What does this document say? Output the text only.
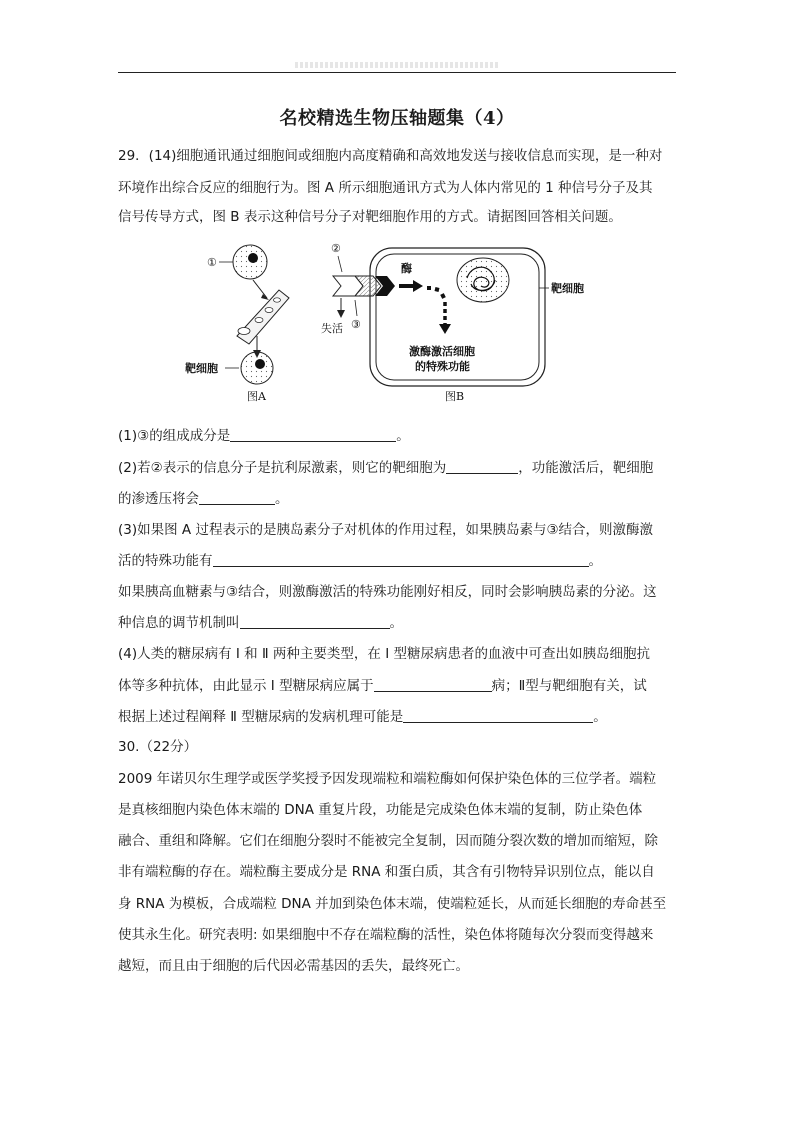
名校精选生物压轴题集（4）
29．(14)细胞通讯通过细胞间或细胞内高度精确和高效地发送与接收信息而实现，是一种对
环境作出综合反应的细胞行为。图 A 所示细胞通讯方式为人体内常见的 1 种信号分子及其
信号传导方式，图 B 表示这种信号分子对靶细胞作用的方式。请据图回答相关问题。
①
靶细胞
图A
②
酶
失活 ③
靶细胞
激酶激活细胞
的特殊功能
图B
(1)③的组成成分是	。
(2)若②表示的信息分子是抗利尿激素，则它的靶细胞为	，功能激活后，靶细胞
的渗透压将会	。
(3)如果图 A 过程表示的是胰岛素分子对机体的作用过程，如果胰岛素与③结合，则激酶激
活的特殊功能有	。
如果胰高血糖素与③结合，则激酶激活的特殊功能刚好相反，同时会影响胰岛素的分泌。这
种信息的调节机制叫	。
(4)人类的糖尿病有 Ⅰ 和 Ⅱ 两种主要类型，在 Ⅰ 型糖尿病患者的血液中可查出如胰岛细胞抗
体等多种抗体，由此显示 Ⅰ 型糖尿病应属于	病；Ⅱ型与靶细胞有关，试
根据上述过程阐释 Ⅱ 型糖尿病的发病机理可能是	。
30.（22分）
2009 年诺贝尔生理学或医学奖授予因发现端粒和端粒酶如何保护染色体的三位学者。端粒
是真核细胞内染色体末端的 DNA 重复片段，功能是完成染色体末端的复制，防止染色体
融合、重组和降解。它们在细胞分裂时不能被完全复制，因而随分裂次数的增加而缩短，除
非有端粒酶的存在。端粒酶主要成分是 RNA 和蛋白质，其含有引物特异识别位点，能以自
身 RNA 为模板，合成端粒 DNA 并加到染色体末端，使端粒延长，从而延长细胞的寿命甚至
使其永生化。研究表明: 如果细胞中不存在端粒酶的活性，染色体将随每次分裂而变得越来
越短，而且由于细胞的后代因必需基因的丢失，最终死亡。
